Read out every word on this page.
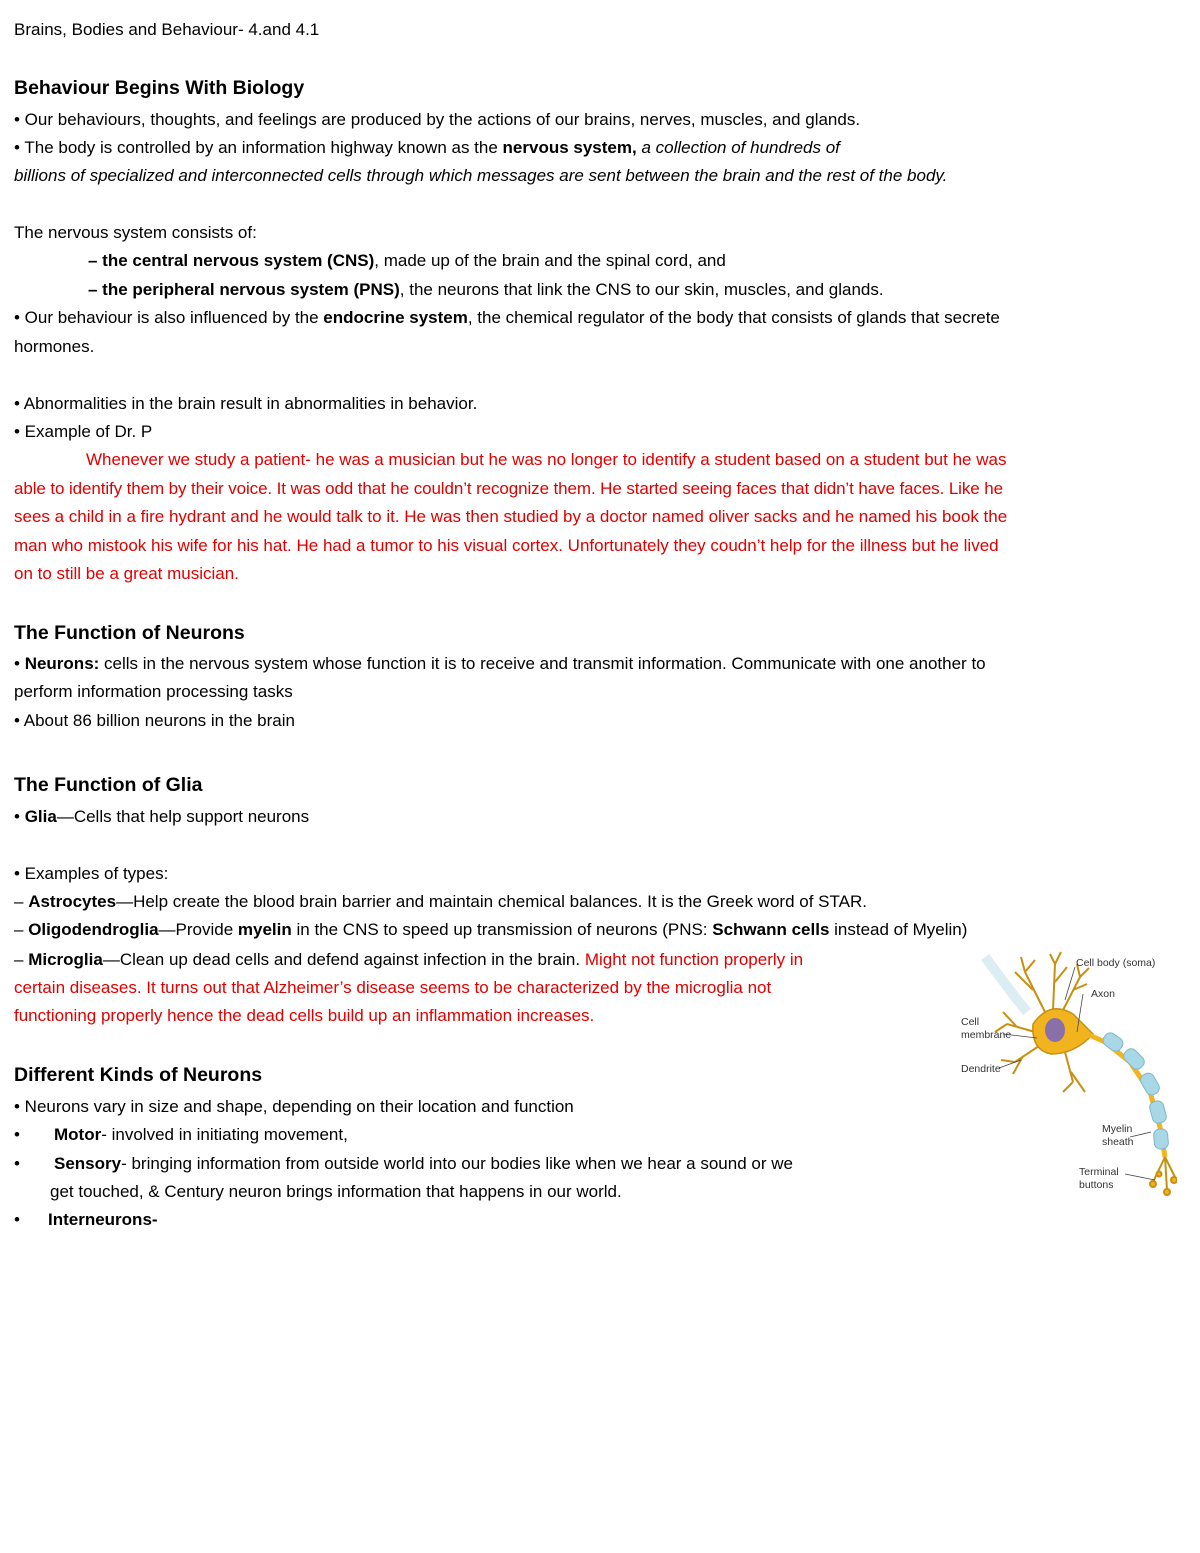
Brains, Bodies and Behaviour- 4.and 4.1
Behaviour Begins With Biology
• Our behaviours, thoughts, and feelings are produced by the actions of our brains, nerves, muscles, and glands.
• The body is controlled by an information highway known as the nervous system, a collection of hundreds of
billions of specialized and interconnected cells through which messages are sent between the brain and the rest of the body.
The nervous system consists of:
– the central nervous system (CNS), made up of the brain and the spinal cord, and
– the peripheral nervous system (PNS), the neurons that link the CNS to our skin, muscles, and glands.
• Our behaviour is also influenced by the endocrine system, the chemical regulator of the body that consists of glands that secrete
hormones.
• Abnormalities in the brain result in abnormalities in behavior.
• Example of Dr. P
Whenever we study a patient- he was a musician but he was no longer to identify a student based on a student but he was
able to identify them by their voice. It was odd that he couldn’t recognize them. He started seeing faces that didn’t have faces. Like he
sees a child in a fire hydrant and he would talk to it. He was then studied by a doctor named oliver sacks and he named his book the
man who mistook his wife for his hat. He had a tumor to his visual cortex. Unfortunately they coudn’t help for the illness but he lived
on to still be a great musician.
The Function of Neurons
• Neurons: cells in the nervous system whose function it is to receive and transmit information. Communicate with one another to
perform information processing tasks
• About 86 billion neurons in the brain
The Function of Glia
• Glia—Cells that help support neurons
• Examples of types:
– Astrocytes—Help create the blood brain barrier and maintain chemical balances. It is the Greek word of STAR.
– Oligodendroglia—Provide myelin in the CNS to speed up transmission of neurons (PNS: Schwann cells instead of Myelin)
– Microglia—Clean up dead cells and defend against infection in the brain. Might not function properly in
certain diseases. It turns out that Alzheimer’s disease seems to be characterized by the microglia not
functioning properly hence the dead cells build up an inflammation increases.
Different Kinds of Neurons
• Neurons vary in size and shape, depending on their location and function
• Motor- involved in initiating movement,
• Sensory- bringing information from outside world into our bodies like when we hear a sound or we
get touched, & Century neuron brings information that happens in our world.
• Interneurons-
Cell body (soma)
Axon
Cell
membrane
Dendrite
Myelin
sheath
Terminal
buttons
